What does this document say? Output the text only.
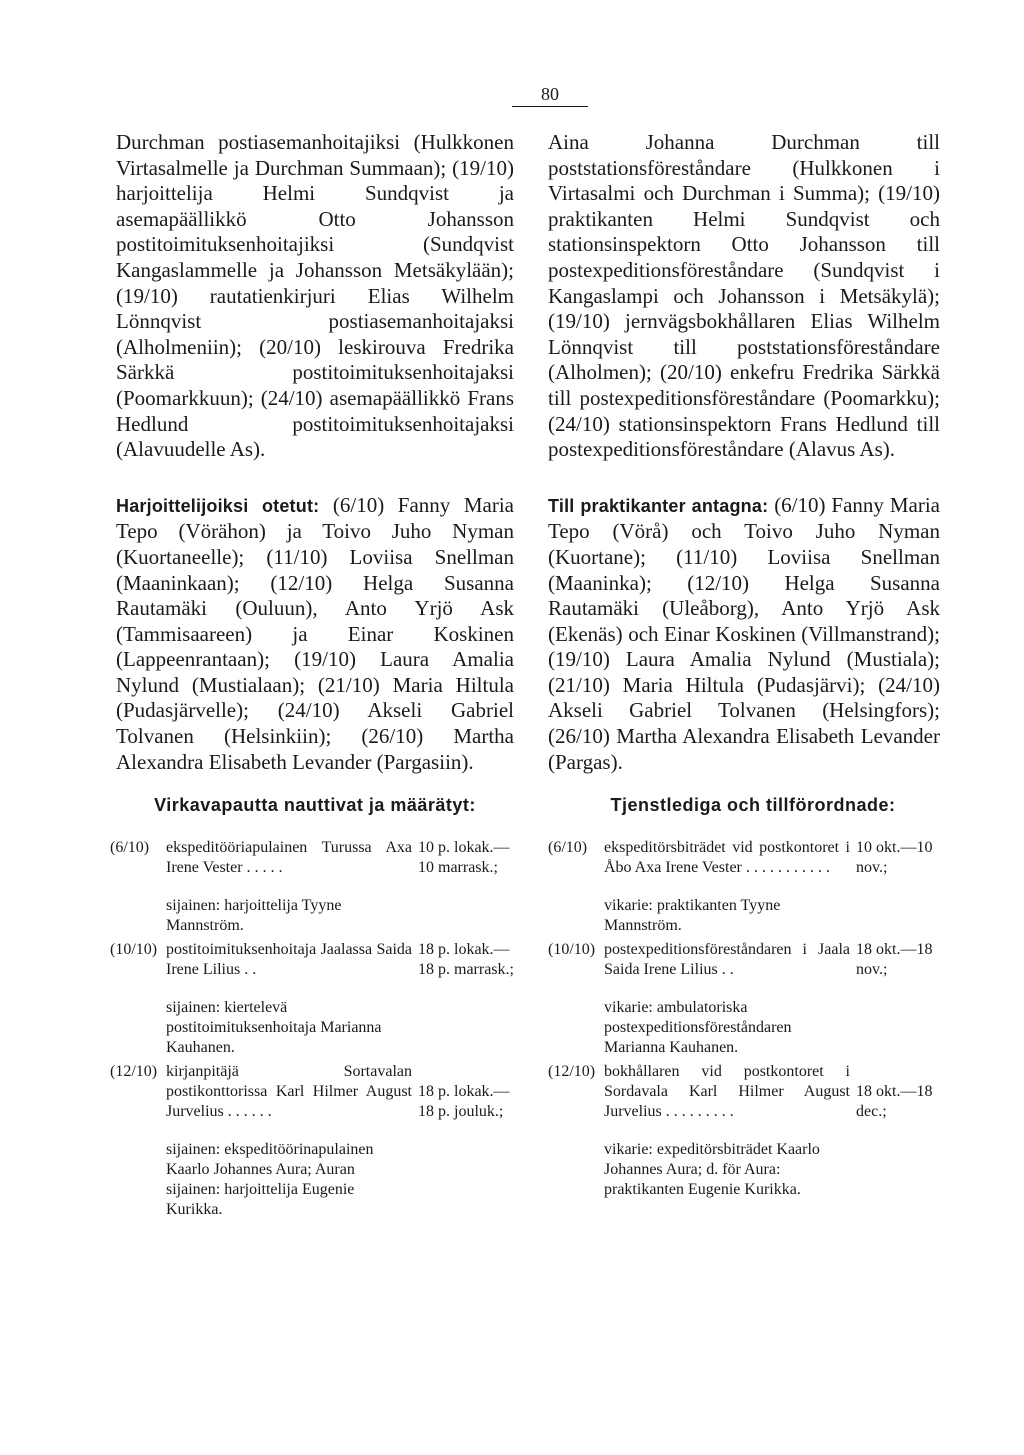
80

Durchman postiasemanhoitajiksi (Hulkkonen Virtasalmelle ja Durchman Summaan); (19/10) harjoittelija Helmi Sundqvist ja asemapäällikkö Otto Johansson postitoimituksenhoitajiksi (Sundqvist Kangaslammelle ja Johansson Metsäkylään); (19/10) rautatienkirjuri Elias Wilhelm Lönnqvist postiasemanhoitajaksi (Alholmeniin); (20/10) leskirouva Fredrika Särkkä postitoimituksenhoitajaksi (Poomarkkuun); (24/10) asemapäällikkö Frans Hedlund postitoimituksenhoitajaksi (Alavuudelle As).

Harjoittelijoiksi otetut: (6/10) Fanny Maria Tepo (Vörähon) ja Toivo Juho Nyman (Kuortaneelle); (11/10) Loviisa Snellman (Maaninkaan); (12/10) Helga Susanna Rautamäki (Ouluun), Anto Yrjö Ask (Tammisaareen) ja Einar Koskinen (Lappeenrantaan); (19/10) Laura Amalia Nylund (Mustialaan); (21/10) Maria Hiltula (Pudasjärvelle); (24/10) Akseli Gabriel Tolvanen (Helsinkiin); (26/10) Martha Alexandra Elisabeth Levander (Pargasiin).

Aina Johanna Durchman till poststationsföreståndare (Hulkkonen i Virtasalmi och Durchman i Summa); (19/10) praktikanten Helmi Sundqvist och stationsinspektorn Otto Johansson till postexpeditionsföreståndare (Sundqvist i Kangaslampi och Johansson i Metsäkylä); (19/10) jernvägsbokhållaren Elias Wilhelm Lönnqvist till poststationsföreståndare (Alholmen); (20/10) enkefru Fredrika Särkkä till postexpeditionsföreståndare (Poomarkku); (24/10) stationsinspektorn Frans Hedlund till postexpeditionsföreståndare (Alavus As).

Till praktikanter antagna: (6/10) Fanny Maria Tepo (Vörå) och Toivo Juho Nyman (Kuortane); (11/10) Loviisa Snellman (Maaninka); (12/10) Helga Susanna Rautamäki (Uleåborg), Anto Yrjö Ask (Ekenäs) och Einar Koskinen (Villmanstrand); (19/10) Laura Amalia Nylund (Mustiala); (21/10) Maria Hiltula (Pudasjärvi); (24/10) Akseli Gabriel Tolvanen (Helsingfors); (26/10) Martha Alexandra Elisabeth Levander (Pargas).

Virkavapautta nauttivat ja määrätyt:

(6/10)	ekspeditööriapulainen Turussa Axa Irene Vester . . . . .
10 p. lokak.—
10 marrask.;

sijainen: harjoittelija Tyyne Mannström.

(10/10) postitoimituksenhoitaja Jaalassa Saida Irene Lilius . .
18 p. lokak.—
18 p. marrask.;

sijainen: kiertelevä postitoimituksenhoitaja Marianna Kauhanen.

(12/10) kirjanpitäjä Sortavalan postikonttorissa Karl Hilmer August Jurvelius . . . . . .
18 p. lokak.—
18 p. jouluk.;

sijainen: ekspeditöörinapulainen Kaarlo Johannes Aura; Auran sijainen: harjoittelija Eugenie Kurikka.

Tjenstlediga och tillförordnade:

(6/10)	ekspeditörsbiträdet vid postkontoret i Åbo Axa Irene Vester . . . . . . . . . . .
10 okt.—10
nov.;

vikarie: praktikanten Tyyne Mannström.

(10/10) postexpeditionsföreståndaren i Jaala Saida Irene Lilius . .
18 okt.—18
nov.;

vikarie: ambulatoriska postexpeditionsföreståndaren Marianna Kauhanen.

(12/10) bokhållaren vid postkontoret i Sordavala Karl Hilmer August Jurvelius . . . . . . . . .
18 okt.—18
dec.;

vikarie: expeditörsbiträdet Kaarlo Johannes Aura; d. för Aura: praktikanten Eugenie Kurikka.
